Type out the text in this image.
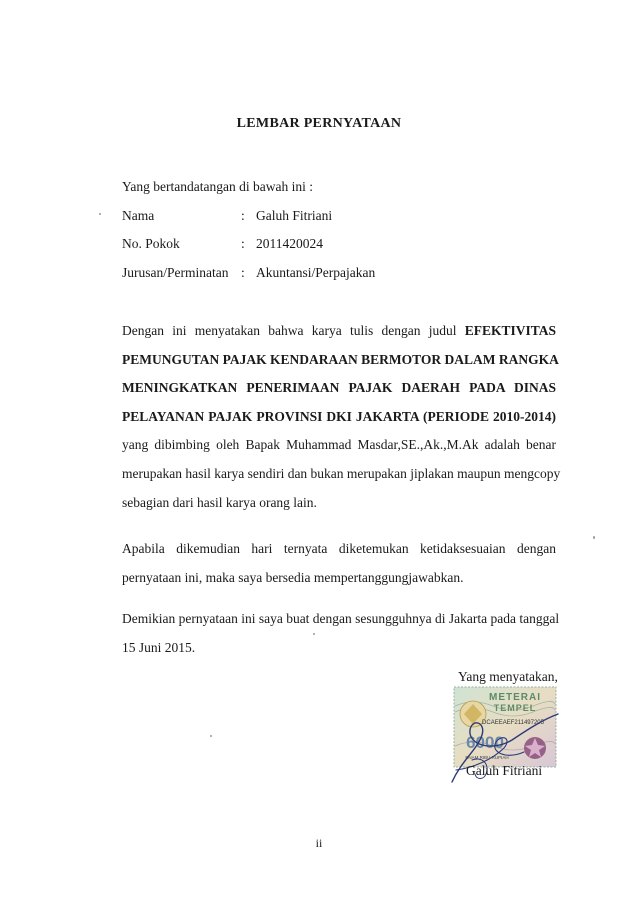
LEMBAR PERNYATAAN
Yang bertandatangan di bawah ini :
Nama	: Galuh Fitriani
No. Pokok	: 2011420024
Jurusan/Perminatan : Akuntansi/Perpajakan
Dengan ini menyatakan bahwa karya tulis dengan judul EFEKTIVITAS
PEMUNGUTAN PAJAK KENDARAAN BERMOTOR DALAM RANGKA
MENINGKATKAN PENERIMAAN PAJAK DAERAH PADA DINAS
PELAYANAN PAJAK PROVINSI DKI JAKARTA (PERIODE 2010-2014)
yang dibimbing oleh Bapak Muhammad Masdar,SE.,Ak.,M.Ak adalah benar
merupakan hasil karya sendiri dan bukan merupakan jiplakan maupun mengcopy
sebagian dari hasil karya orang lain.
Apabila dikemudian hari ternyata diketemukan ketidaksesuaian dengan
pernyataan ini, maka saya bersedia mempertanggungjawabkan.
Demikian pernyataan ini saya buat dengan sesungguhnya di Jakarta pada tanggal
15 Juni 2015.
Yang menyatakan,
METERAI
TEMPEL
DCAEEAEF211497205
6000
ENAM RIBU RUPIAH
Galuh Fitriani
ii
